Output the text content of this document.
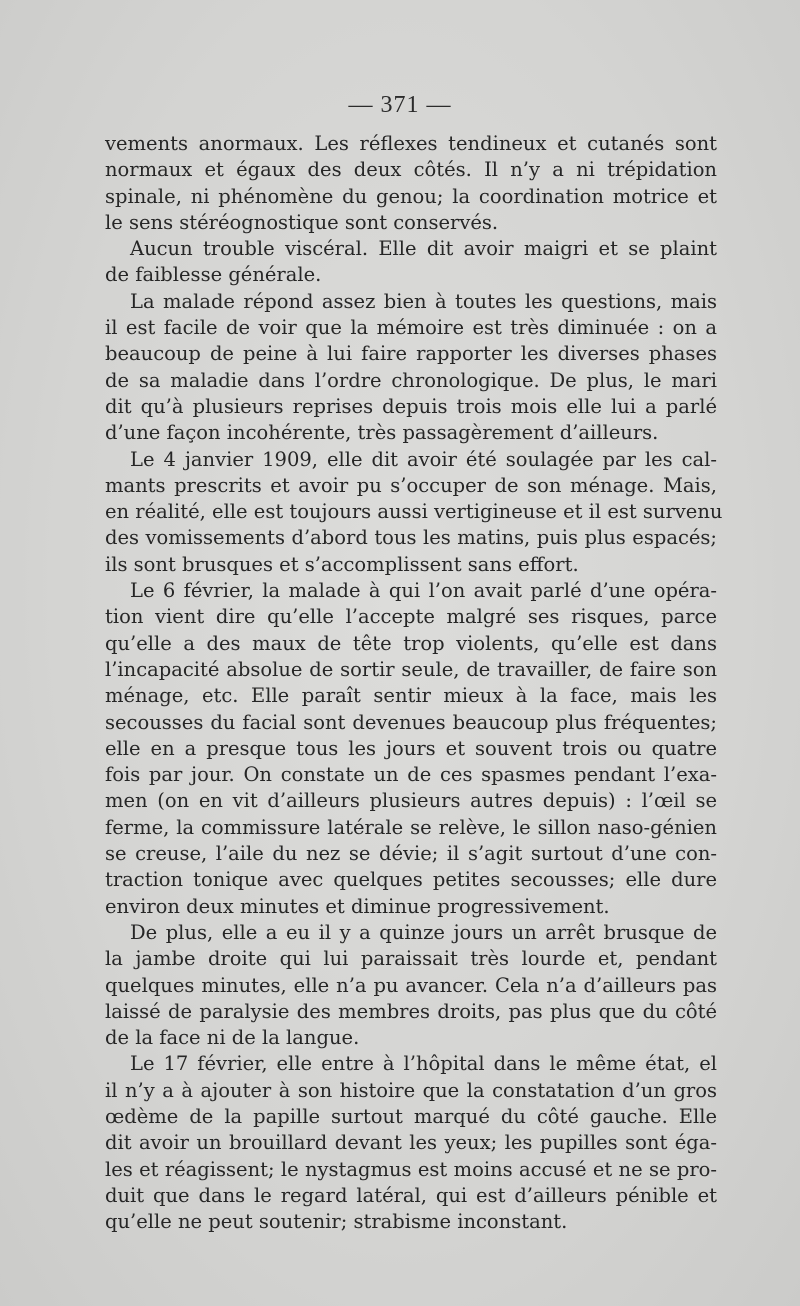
— 371 —
vements anormaux. Les réflexes tendineux et cutanés sont
normaux et égaux des deux côtés. Il n’y a ni trépidation
spinale, ni phénomène du genou; la coordination motrice et
le sens stéréognostique sont conservés.
Aucun trouble viscéral. Elle dit avoir maigri et se plaint
de faiblesse générale.
La malade répond assez bien à toutes les questions, mais
il est facile de voir que la mémoire est très diminuée : on a
beaucoup de peine à lui faire rapporter les diverses phases
de sa maladie dans l’ordre chronologique. De plus, le mari
dit qu’à plusieurs reprises depuis trois mois elle lui a parlé
d’une façon incohérente, très passagèrement d’ailleurs.
Le 4 janvier 1909, elle dit avoir été soulagée par les cal-
mants prescrits et avoir pu s’occuper de son ménage. Mais,
en réalité, elle est toujours aussi vertigineuse et il est survenu
des vomissements d’abord tous les matins, puis plus espacés;
ils sont brusques et s’accomplissent sans effort.
Le 6 février, la malade à qui l’on avait parlé d’une opéra-
tion vient dire qu’elle l’accepte malgré ses risques, parce
qu’elle a des maux de tête trop violents, qu’elle est dans
l’incapacité absolue de sortir seule, de travailler, de faire son
ménage, etc. Elle paraît sentir mieux à la face, mais les
secousses du facial sont devenues beaucoup plus fréquentes;
elle en a presque tous les jours et souvent trois ou quatre
fois par jour. On constate un de ces spasmes pendant l’exa-
men (on en vit d’ailleurs plusieurs autres depuis) : l’œil se
ferme, la commissure latérale se relève, le sillon naso-génien
se creuse, l’aile du nez se dévie; il s’agit surtout d’une con-
traction tonique avec quelques petites secousses; elle dure
environ deux minutes et diminue progressivement.
De plus, elle a eu il y a quinze jours un arrêt brusque de
la jambe droite qui lui paraissait très lourde et, pendant
quelques minutes, elle n’a pu avancer. Cela n’a d’ailleurs pas
laissé de paralysie des membres droits, pas plus que du côté
de la face ni de la langue.
Le 17 février, elle entre à l’hôpital dans le même état, el
il n’y a à ajouter à son histoire que la constatation d’un gros
œdème de la papille surtout marqué du côté gauche. Elle
dit avoir un brouillard devant les yeux; les pupilles sont éga-
les et réagissent; le nystagmus est moins accusé et ne se pro-
duit que dans le regard latéral, qui est d’ailleurs pénible et
qu’elle ne peut soutenir; strabisme inconstant.
